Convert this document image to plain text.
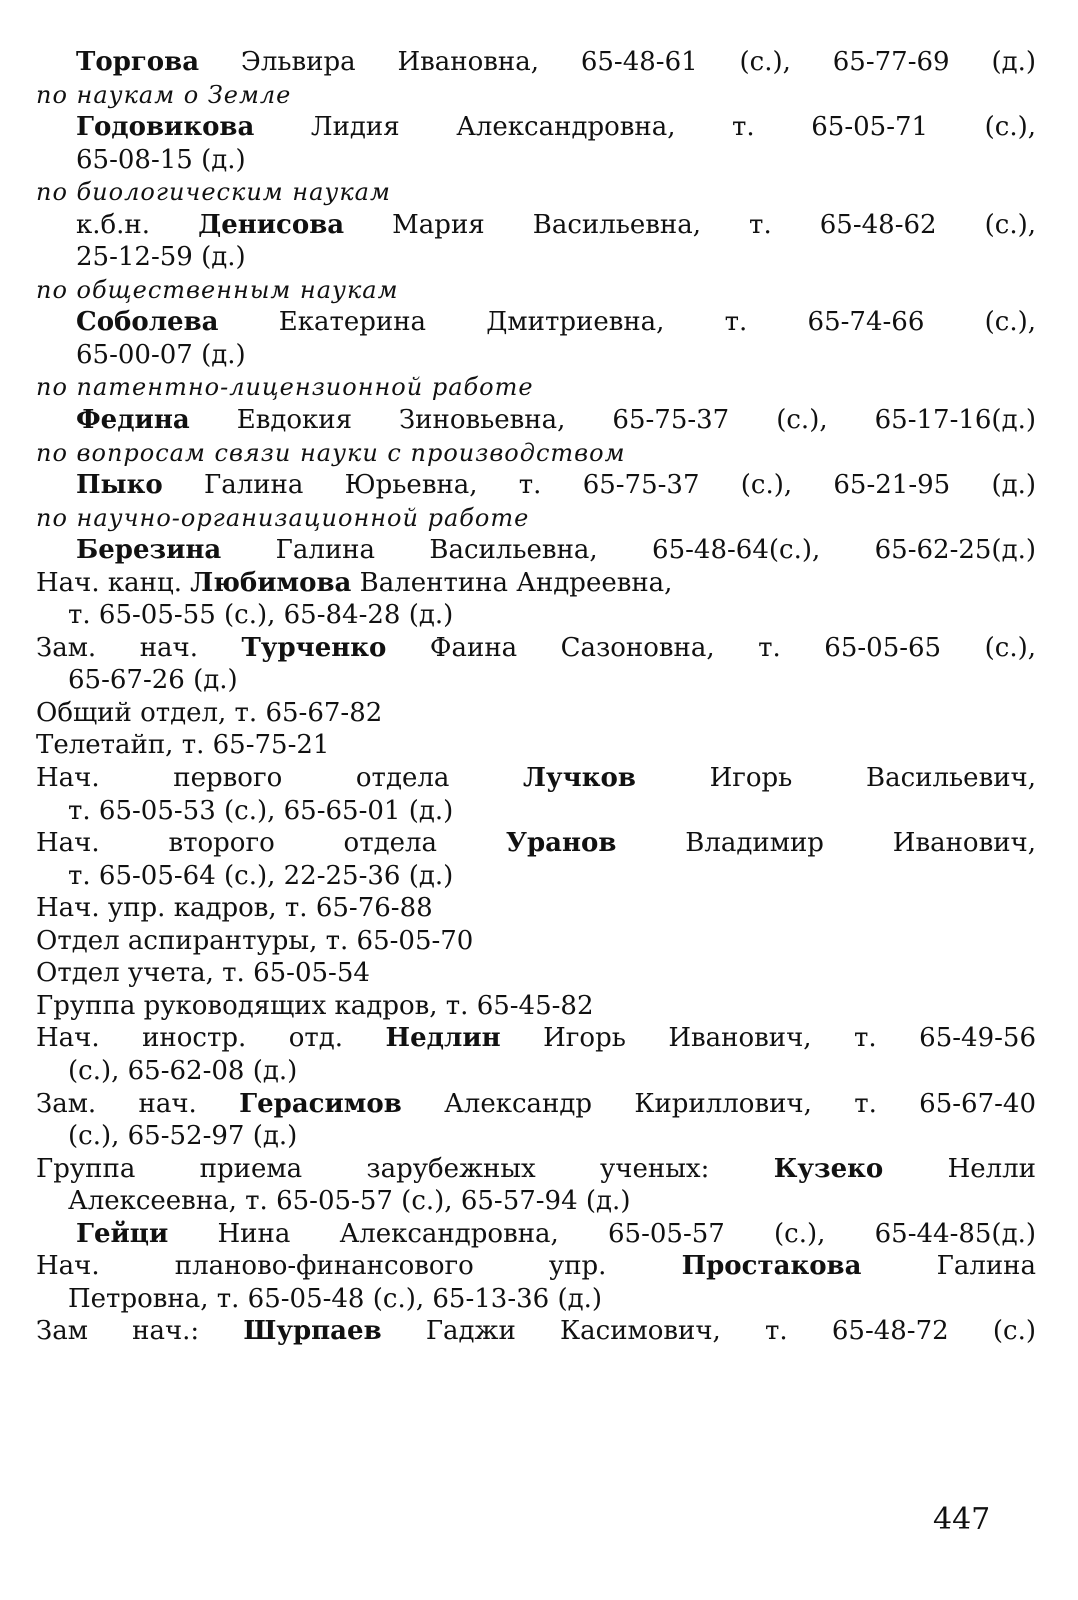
Торгова Эльвира Ивановна, 65-48-61 (с.), 65-77-69 (д.)
по наукам о Земле
Годовикова Лидия Александровна, т. 65-05-71 (с.),
65-08-15 (д.)
по биологическим наукам
к.б.н. Денисова Мария Васильевна, т. 65-48-62 (с.),
25-12-59 (д.)
по общественным наукам
Соболева Екатерина Дмитриевна, т. 65-74-66 (с.),
65-00-07 (д.)
по патентно-лицензионной работе
Федина Евдокия Зиновьевна, 65-75-37 (с.), 65-17-16(д.)
по вопросам связи науки с производством
Пыко Галина Юрьевна, т. 65-75-37 (с.), 65-21-95 (д.)
по научно-организационной работе
Березина Галина Васильевна, 65-48-64(с.), 65-62-25(д.)
Нач. канц. Любимова Валентина Андреевна,
т. 65-05-55 (с.), 65-84-28 (д.)
Зам. нач. Турченко Фаина Сазоновна, т. 65-05-65 (с.),
65-67-26 (д.)
Общий отдел, т. 65-67-82
Телетайп, т. 65-75-21
Нач. первого отдела Лучков Игорь Васильевич,
т. 65-05-53 (с.), 65-65-01 (д.)
Нач. второго отдела Уранов Владимир Иванович,
т. 65-05-64 (с.), 22-25-36 (д.)
Нач. упр. кадров, т. 65-76-88
Отдел аспирантуры, т. 65-05-70
Отдел учета, т. 65-05-54
Группа руководящих кадров, т. 65-45-82
Нач. иностр. отд. Недлин Игорь Иванович, т. 65-49-56
(с.), 65-62-08 (д.)
Зам. нач. Герасимов Александр Кириллович, т. 65-67-40
(с.), 65-52-97 (д.)
Группа приема зарубежных ученых: Кузеко Нелли
Алексеевна, т. 65-05-57 (с.), 65-57-94 (д.)
Гейци Нина Александровна, 65-05-57 (с.), 65-44-85(д.)
Нач. планово-финансового упр. Простакова Галина
Петровна, т. 65-05-48 (с.), 65-13-36 (д.)
Зам нач.: Шурпаев Гаджи Касимович, т. 65-48-72 (с.)
447
